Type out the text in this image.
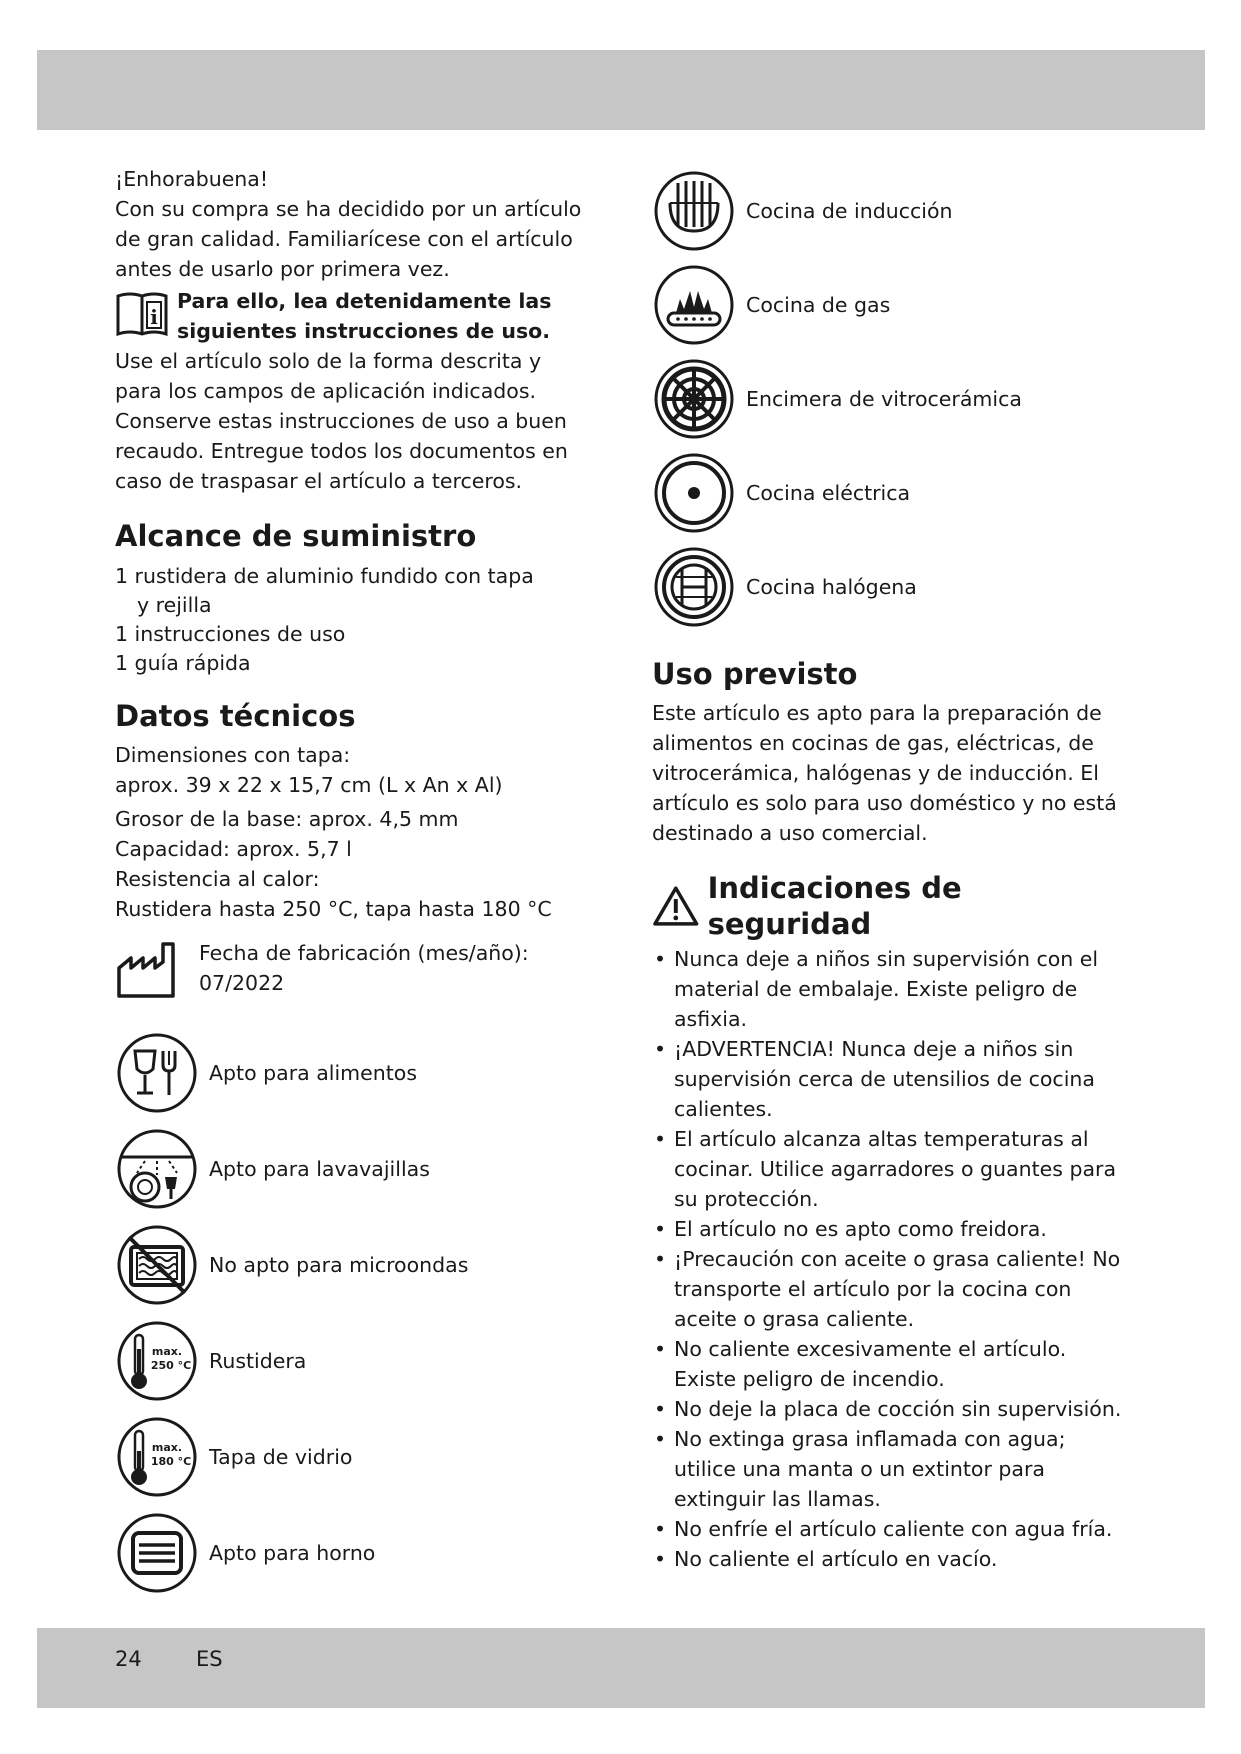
¡Enhorabuena!

Con su compra se ha decidido por un artículo de gran calidad. Familiarícese con el artículo antes de usarlo por primera vez.

i

Para ello, lea detenidamente las siguientes instrucciones de uso.

Use el artículo solo de la forma descrita y para los campos de aplicación indicados. Conserve estas instrucciones de uso a buen recaudo. Entregue todos los documentos en caso de traspasar el artículo a terceros.

Alcance de suministro
1 rustidera de aluminio fundido con tapa
y rejilla
1 instrucciones de uso
1 guía rápida
Datos técnicos

Dimensiones con tapa:

aprox. 39 x 22 x 15,7 cm (L x An x Al)

Grosor de la base: aprox. 4,5 mm

Capacidad: aprox. 5,7 l

Resistencia al calor:

Rustidera hasta 250 °C, tapa hasta 180 °C

Fecha de fabricación (mes/año):

07/2022

Apto para alimentos
Apto para lavavajillas
No apto para microondas
max.
250 °C Rustidera
max.
180 °C Tapa de vidrio
Apto para horno
Cocina de inducción
Cocina de gas
Encimera de vitrocerámica
Cocina eléctrica
Cocina halógena
Uso previsto

Este artículo es apto para la preparación de alimentos en cocinas de gas, eléctricas, de vitrocerámica, halógenas y de inducción. El artículo es solo para uso doméstico y no está destinado a uso comercial.

Indicaciones de seguridad
• Nunca deje a niños sin supervisión con el material de embalaje. Existe peligro de asfixia.
• ¡ADVERTENCIA! Nunca deje a niños sin supervisión cerca de utensilios de cocina calientes.
• El artículo alcanza altas temperaturas al cocinar. Utilice agarradores o guantes para su protección.
• El artículo no es apto como freidora.
• ¡Precaución con aceite o grasa caliente! No transporte el artículo por la cocina con aceite o grasa caliente.
• No caliente excesivamente el artículo. Existe peligro de incendio.
• No deje la placa de cocción sin supervisión.
• No extinga grasa inflamada con agua; utilice una manta o un extintor para extinguir las llamas.
• No enfríe el artículo caliente con agua fría.
• No caliente el artículo en vacío.
24	ES
